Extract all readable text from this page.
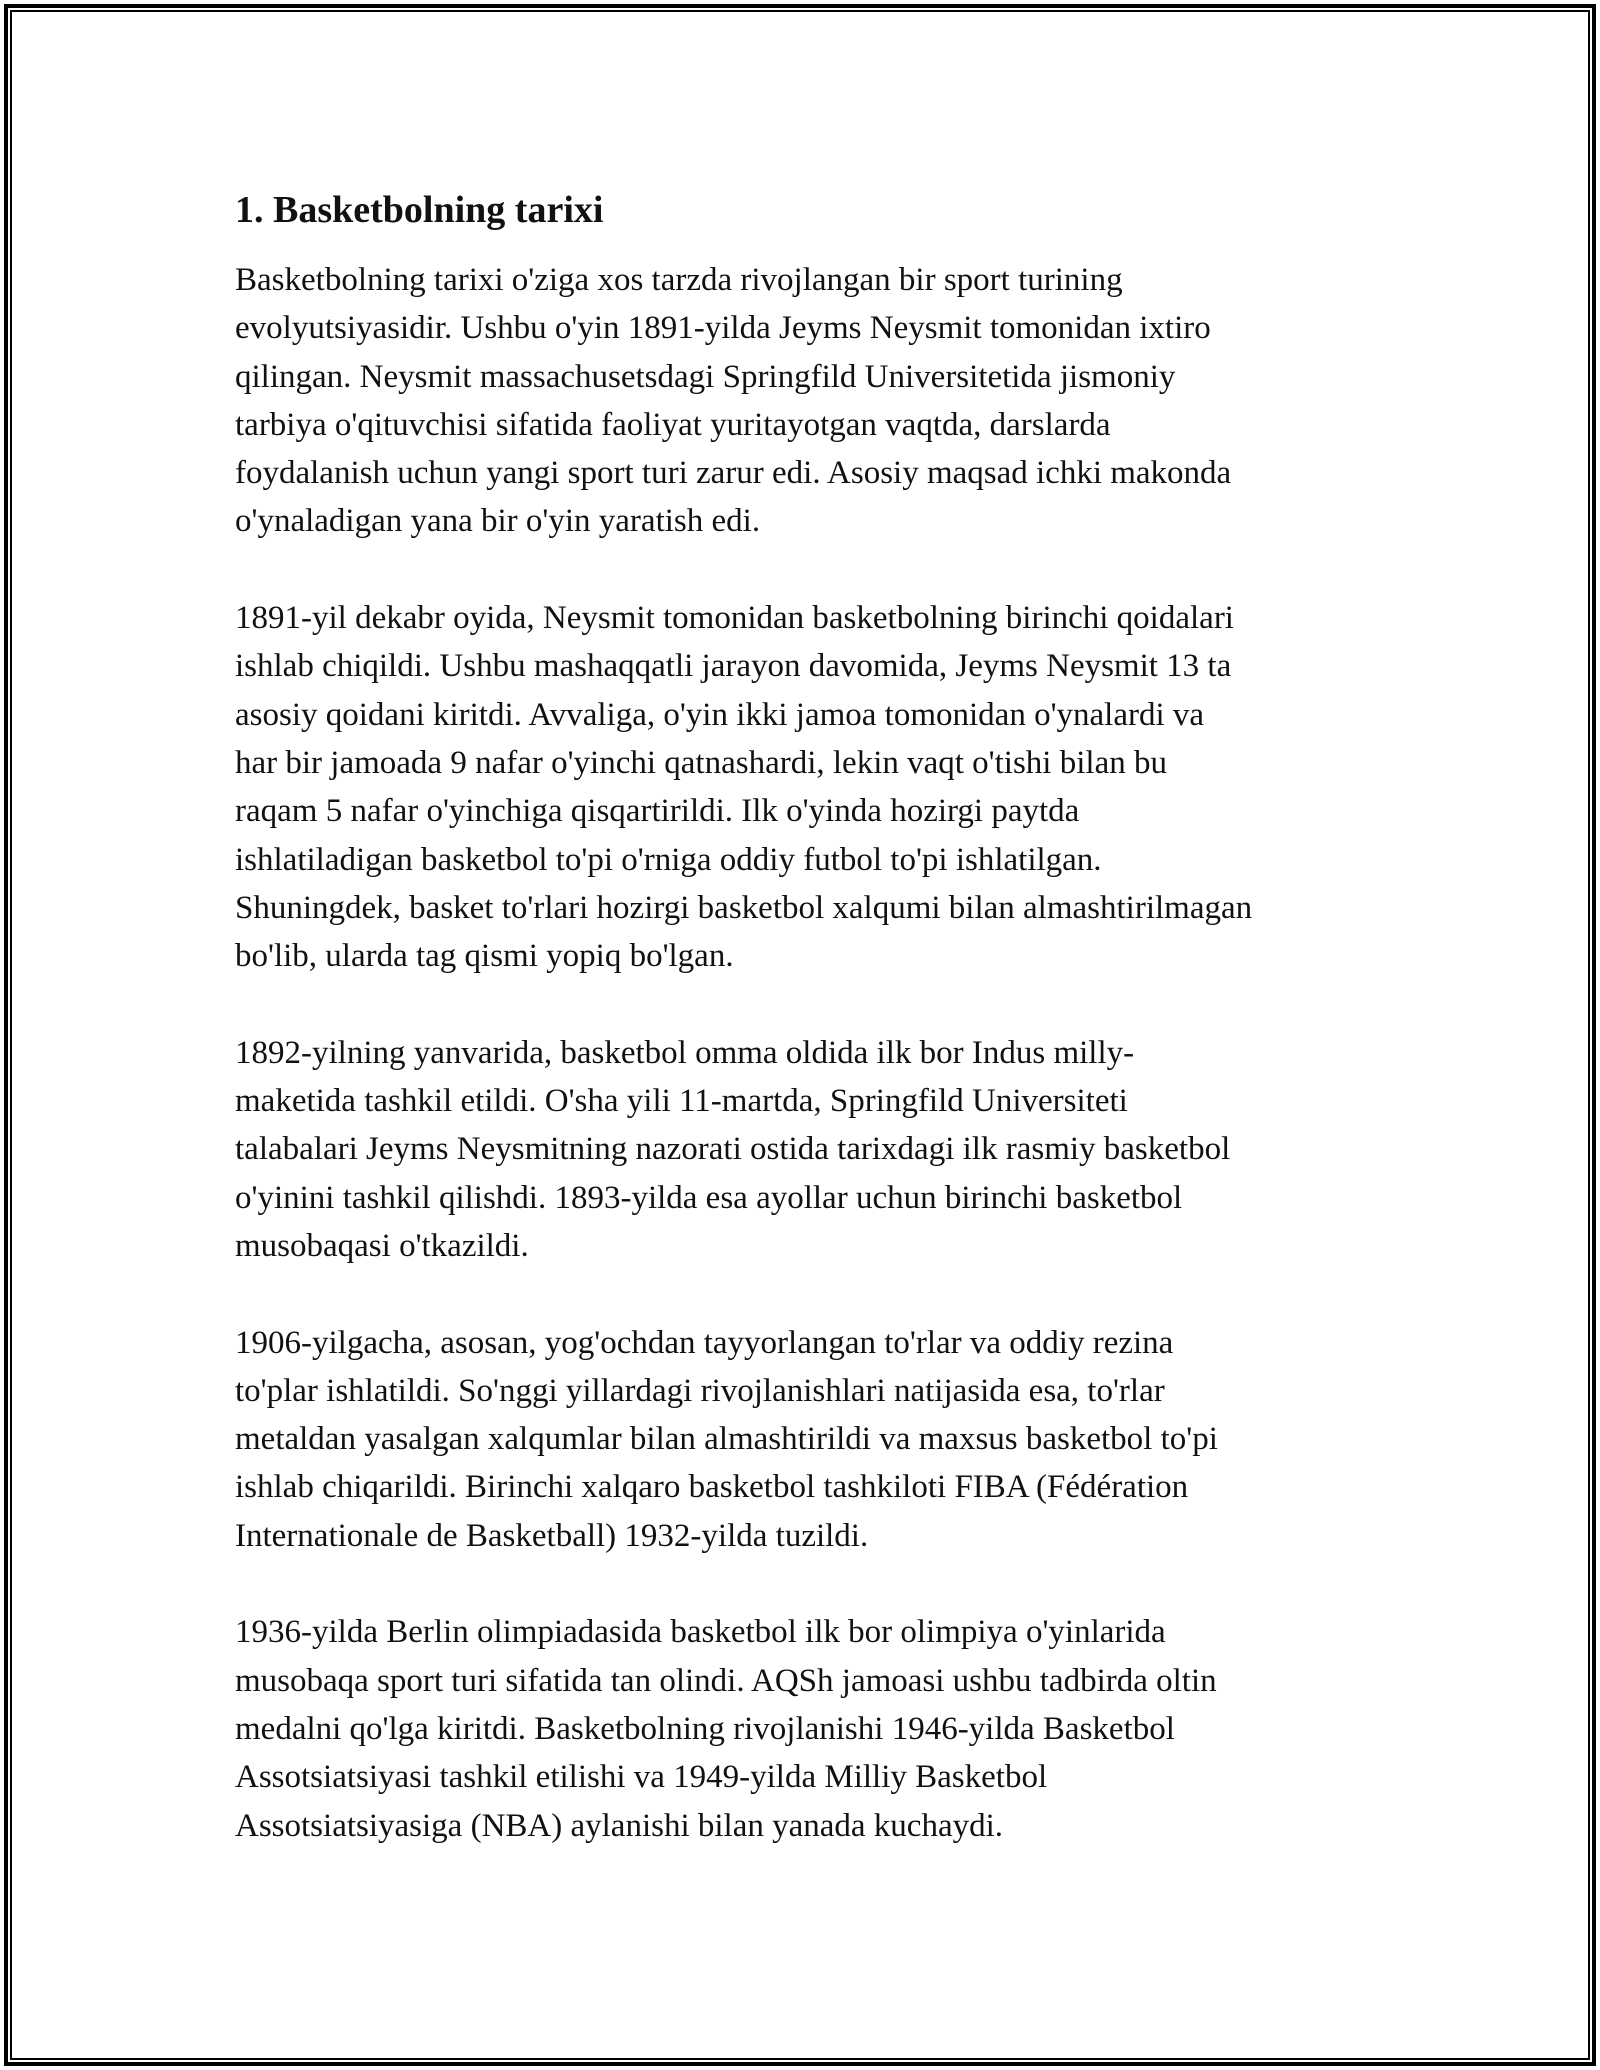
1. Basketbolning tarixi

Basketbolning tarixi o'ziga xos tarzda rivojlangan bir sport turining
evolyutsiyasidir. Ushbu o'yin 1891-yilda Jeyms Neysmit tomonidan ixtiro
qilingan. Neysmit massachusetsdagi Springfild Universitetida jismoniy
tarbiya o'qituvchisi sifatida faoliyat yuritayotgan vaqtda, darslarda
foydalanish uchun yangi sport turi zarur edi. Asosiy maqsad ichki makonda
o'ynaladigan yana bir o'yin yaratish edi.

1891-yil dekabr oyida, Neysmit tomonidan basketbolning birinchi qoidalari
ishlab chiqildi. Ushbu mashaqqatli jarayon davomida, Jeyms Neysmit 13 ta
asosiy qoidani kiritdi. Avvaliga, o'yin ikki jamoa tomonidan o'ynalardi va
har bir jamoada 9 nafar o'yinchi qatnashardi, lekin vaqt o'tishi bilan bu
raqam 5 nafar o'yinchiga qisqartirildi. Ilk o'yinda hozirgi paytda
ishlatiladigan basketbol to'pi o'rniga oddiy futbol to'pi ishlatilgan.
Shuningdek, basket to'rlari hozirgi basketbol xalqumi bilan almashtirilmagan
bo'lib, ularda tag qismi yopiq bo'lgan.

1892-yilning yanvarida, basketbol omma oldida ilk bor Indus milly-
maketida tashkil etildi. O'sha yili 11-martda, Springfild Universiteti
talabalari Jeyms Neysmitning nazorati ostida tarixdagi ilk rasmiy basketbol
o'yinini tashkil qilishdi. 1893-yilda esa ayollar uchun birinchi basketbol
musobaqasi o'tkazildi.

1906-yilgacha, asosan, yog'ochdan tayyorlangan to'rlar va oddiy rezina
to'plar ishlatildi. So'nggi yillardagi rivojlanishlari natijasida esa, to'rlar
metaldan yasalgan xalqumlar bilan almashtirildi va maxsus basketbol to'pi
ishlab chiqarildi. Birinchi xalqaro basketbol tashkiloti FIBA (Fédération
Internationale de Basketball) 1932-yilda tuzildi.

1936-yilda Berlin olimpiadasida basketbol ilk bor olimpiya o'yinlarida
musobaqa sport turi sifatida tan olindi. AQSh jamoasi ushbu tadbirda oltin
medalni qo'lga kiritdi. Basketbolning rivojlanishi 1946-yilda Basketbol
Assotsiatsiyasi tashkil etilishi va 1949-yilda Milliy Basketbol
Assotsiatsiyasiga (NBA) aylanishi bilan yanada kuchaydi.
